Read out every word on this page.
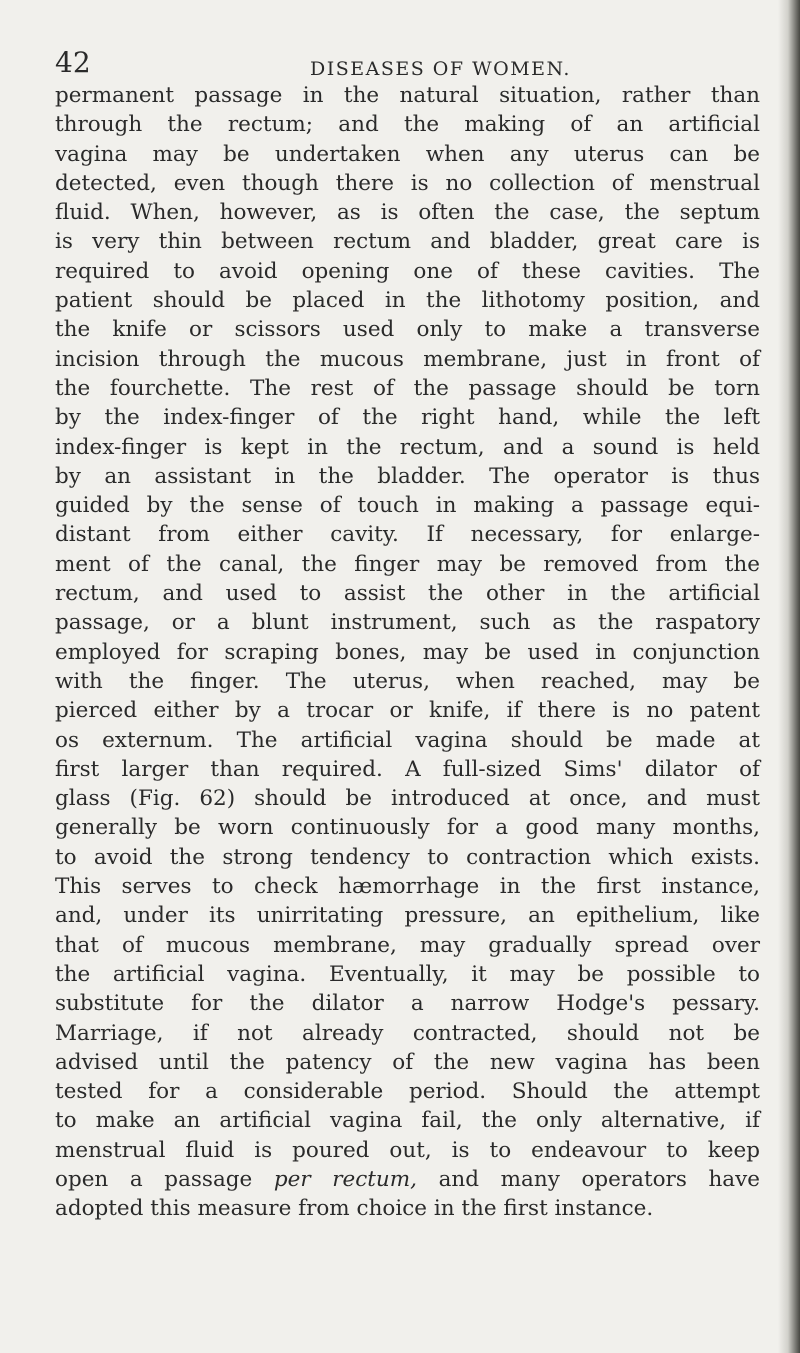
42	DISEASES OF WOMEN.
permanent passage in the natural situation, rather than
through the rectum; and the making of an artificial
vagina may be undertaken when any uterus can be
detected, even though there is no collection of menstrual
fluid. When, however, as is often the case, the septum
is very thin between rectum and bladder, great care is
required to avoid opening one of these cavities. The
patient should be placed in the lithotomy position, and
the knife or scissors used only to make a transverse
incision through the mucous membrane, just in front of
the fourchette. The rest of the passage should be torn
by the index-finger of the right hand, while the left
index-finger is kept in the rectum, and a sound is held
by an assistant in the bladder. The operator is thus
guided by the sense of touch in making a passage equi-
distant from either cavity. If necessary, for enlarge-
ment of the canal, the finger may be removed from the
rectum, and used to assist the other in the artificial
passage, or a blunt instrument, such as the raspatory
employed for scraping bones, may be used in conjunction
with the finger. The uterus, when reached, may be
pierced either by a trocar or knife, if there is no patent
os externum. The artificial vagina should be made at
first larger than required. A full-sized Sims' dilator of
glass (Fig. 62) should be introduced at once, and must
generally be worn continuously for a good many months,
to avoid the strong tendency to contraction which exists.
This serves to check hæmorrhage in the first instance,
and, under its unirritating pressure, an epithelium, like
that of mucous membrane, may gradually spread over
the artificial vagina. Eventually, it may be possible to
substitute for the dilator a narrow Hodge's pessary.
Marriage, if not already contracted, should not be
advised until the patency of the new vagina has been
tested for a considerable period. Should the attempt
to make an artificial vagina fail, the only alternative, if
menstrual fluid is poured out, is to endeavour to keep
open a passage per rectum, and many operators have
adopted this measure from choice in the first instance.
